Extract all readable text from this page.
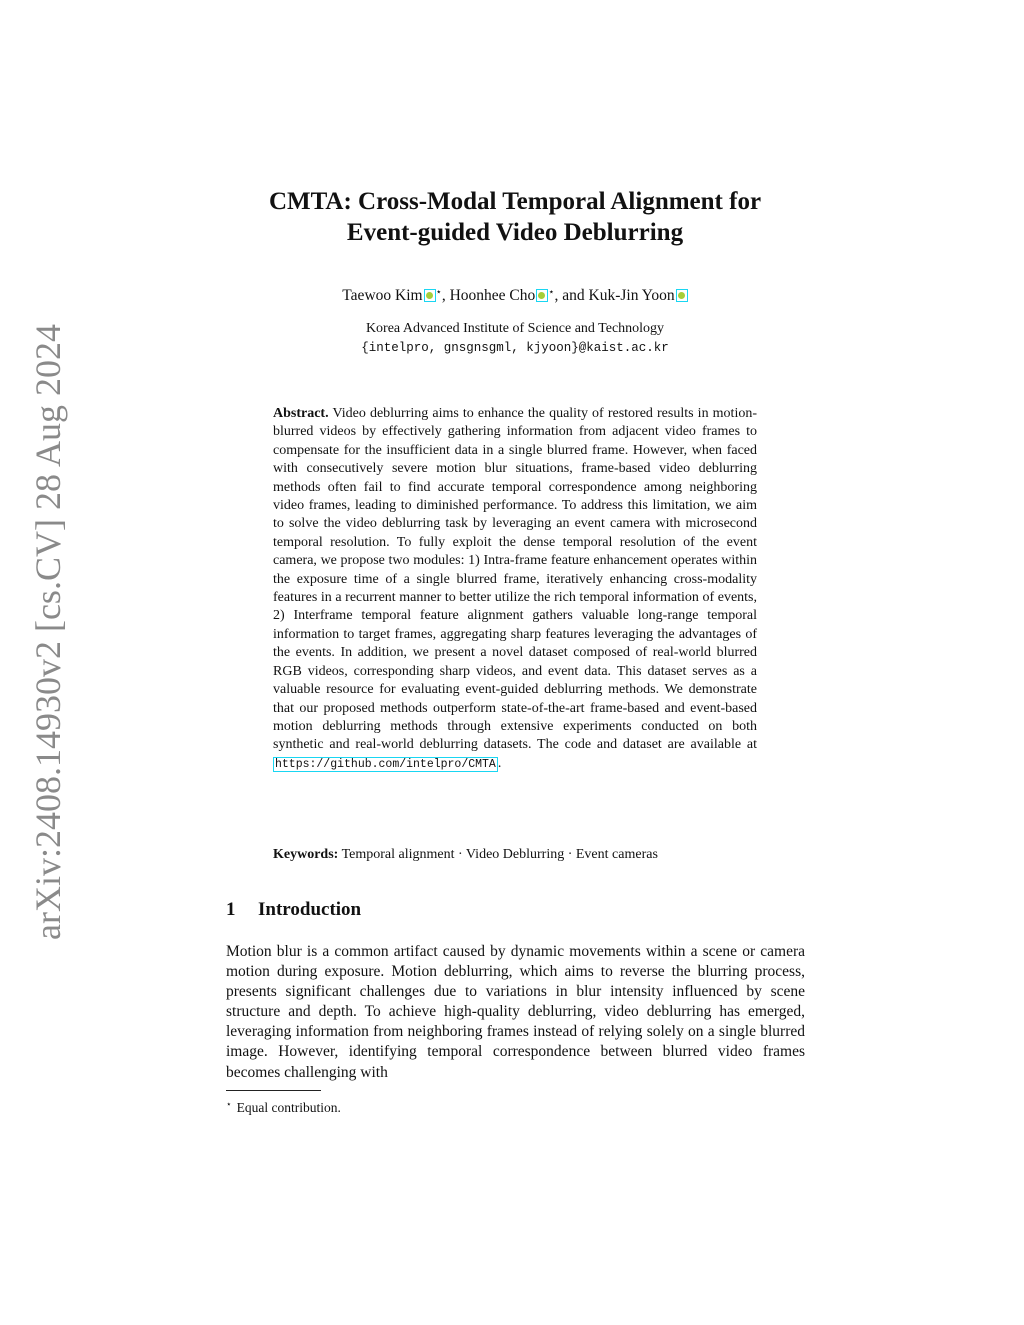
arXiv:2408.14930v2 [cs.CV] 28 Aug 2024
CMTA: Cross-Modal Temporal Alignment for
Event-guided Video Deblurring
Taewoo Kim ⋆, Hoonhee Cho ⋆, and Kuk-Jin Yoon
Korea Advanced Institute of Science and Technology
{intelpro, gnsgnsgml, kjyoon}@kaist.ac.kr

Abstract. Video deblurring aims to enhance the quality of restored results in motion-blurred videos by effectively gathering information from adjacent video frames to compensate for the insufficient data in a single blurred frame. However, when faced with consecutively severe motion blur situations, frame-based video deblurring methods often fail to find accurate temporal correspondence among neighboring video frames, leading to diminished performance. To address this limitation, we aim to solve the video deblurring task by leveraging an event camera with microsecond temporal resolution. To fully exploit the dense temporal resolution of the event camera, we propose two modules: 1) Intra-frame feature enhancement operates within the exposure time of a single blurred frame, iteratively enhancing cross-modality features in a recurrent manner to better utilize the rich temporal information of events, 2) Interframe temporal feature alignment gathers valuable long-range temporal information to target frames, aggregating sharp features leveraging the advantages of the events. In addition, we present a novel dataset composed of real-world blurred RGB videos, corresponding sharp videos, and event data. This dataset serves as a valuable resource for evaluating event-guided deblurring methods. We demonstrate that our proposed methods outperform state-of-the-art frame-based and event-based motion deblurring methods through extensive experiments conducted on both synthetic and real-world deblurring datasets. The code and dataset are available at https://github.com/intelpro/CMTA .

Keywords: Temporal alignment · Video Deblurring · Event cameras
1 Introduction

Motion blur is a common artifact caused by dynamic movements within a scene or camera motion during exposure. Motion deblurring, which aims to reverse the blurring process, presents significant challenges due to variations in blur intensity influenced by scene structure and depth. To achieve high-quality deblurring, video deblurring has emerged, leveraging information from neighboring frames instead of relying solely on a single blurred image. However, identifying temporal correspondence between blurred video frames becomes challenging with

⋆ Equal contribution.
